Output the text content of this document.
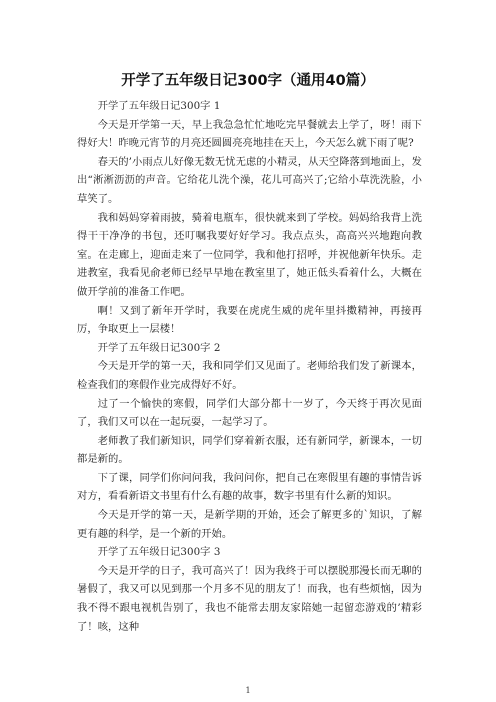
开学了五年级日记300字（通用40篇）

开学了五年级日记300字 1

今天是开学第一天，早上我急急忙忙地吃完早餐就去上学了，呀！雨下得好大！昨晚元宵节的月亮还圆圆亮亮地挂在天上，今天怎么就下雨了呢?

春天的’小雨点儿好像无数无忧无虑的小精灵，从天空降落到地面上，发出“淅淅沥沥的声音。它给花儿洗个澡，花儿可高兴了;它给小草洗洗脸，小草笑了。

我和妈妈穿着雨披，骑着电瓶车，很快就来到了学校。妈妈给我背上洗得干干净净的书包，还叮嘱我要好好学习。我点点头，高高兴兴地跑向教室。在走廊上，迎面走来了一位同学，我和他打招呼，并祝他新年快乐。走进教室，我看见俞老师已经早早地在教室里了，她正低头看着什么，大概在做开学前的准备工作吧。

啊！又到了新年开学时，我要在虎虎生威的虎年里抖擞精神，再接再厉，争取更上一层楼！

开学了五年级日记300字 2

今天是开学的第一天，我和同学们又见面了。老师给我们发了新课本，检查我们的寒假作业完成得好不好。

过了一个愉快的寒假，同学们大部分都十一岁了，今天终于再次见面了，我们又可以在一起玩耍，一起学习了。

老师教了我们新知识，同学们穿着新衣服，还有新同学，新课本，一切都是新的。

下了课，同学们你问问我，我问问你，把自己在寒假里有趣的事情告诉对方，看看新语文书里有什么有趣的故事，数字书里有什么新的知识。

今天是开学的第一天，是新学期的开始，还会了解更多的`知识，了解更有趣的科学，是一个新的开始。

开学了五年级日记300字 3

今天是开学的日子，我可高兴了！因为我终于可以摆脱那漫长而无聊的暑假了，我又可以见到那一个月多不见的朋友了！而我，也有些烦恼，因为我不得不跟电视机告别了，我也不能常去朋友家陪她一起留恋游戏的’精彩了！咳，这种

1
